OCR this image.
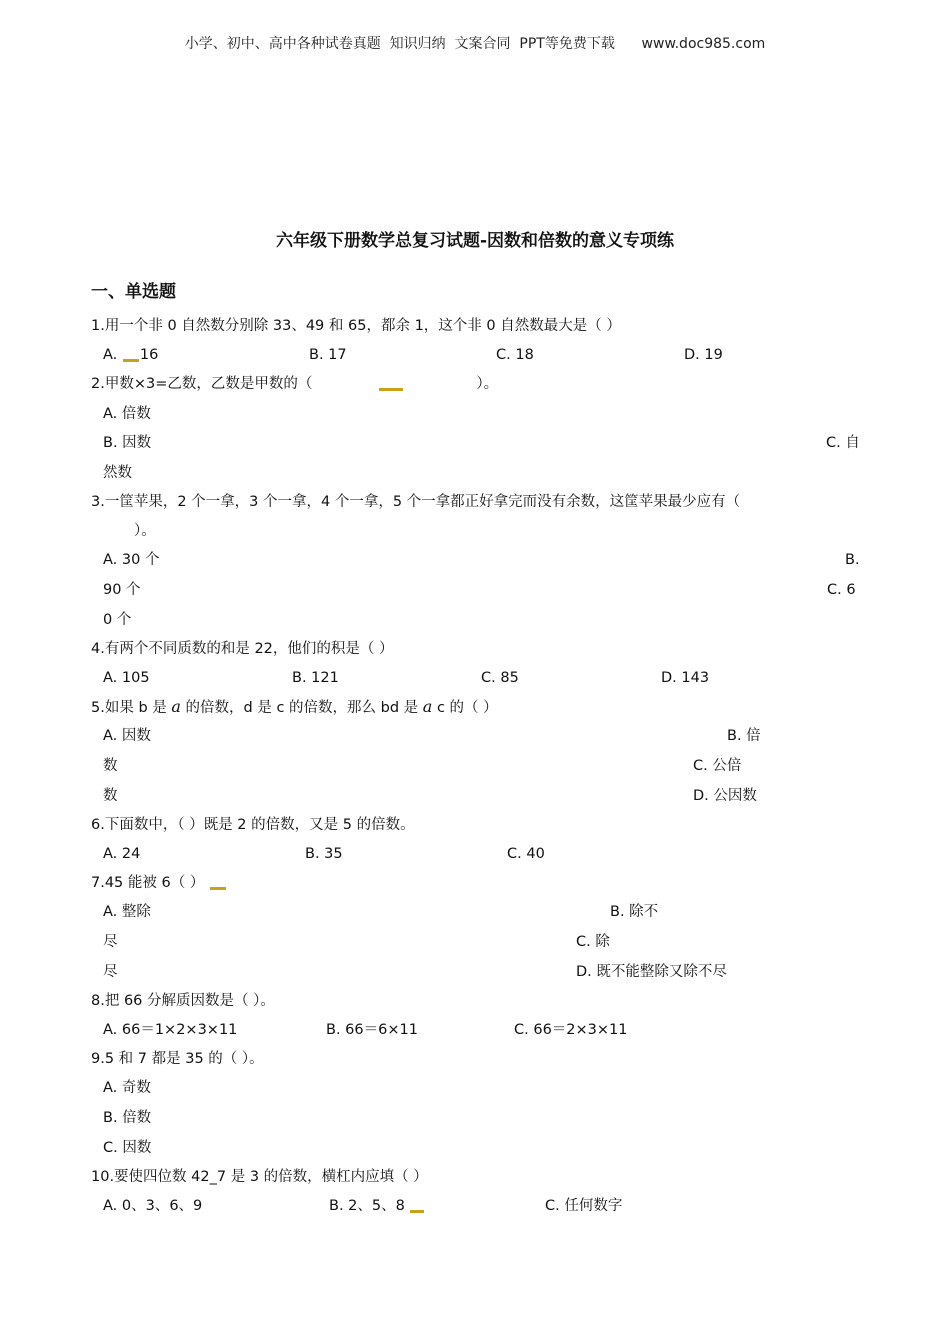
小学、初中、高中各种试卷真题  知识归纳  文案合同  PPT等免费下载      www.doc985.com
六年级下册数学总复习试题-因数和倍数的意义专项练
一、单选题
1.用一个非 0 自然数分别除 33、49 和 65，都余 1，这个非 0 自然数最大是（ ）
A. 16	B. 17	C. 18	D. 19
2.甲数×3=乙数，乙数是甲数的（	）。
A. 倍数
B. 因数	C. 自
然数
3.一筐苹果，2 个一拿，3 个一拿，4 个一拿，5 个一拿都正好拿完而没有余数，这筐苹果最少应有（
）。
A. 30 个	B.
90 个	C. 6
0 个
4.有两个不同质数的和是 22，他们的积是（ ）
A. 105	B. 121	C. 85	D. 143
5.如果 b 是 a 的倍数，d 是 c 的倍数，那么 bd 是 a c 的（ ）
A. 因数	B. 倍
数	C. 公倍
数	D. 公因数
6.下面数中，（ ）既是 2 的倍数，又是 5 的倍数。
A. 24	B. 35	C. 40
7.45 能被 6（ ）
A. 整除	B. 除不
尽	C. 除
尽	D. 既不能整除又除不尽
8.把 66 分解质因数是（ ）。
A. 66＝1×2×3×11	B. 66＝6×11	C. 66＝2×3×11
9.5 和 7 都是 35 的（ ）。
A. 奇数
B. 倍数
C. 因数
10.要使四位数 42_7 是 3 的倍数，横杠内应填（ ）
A. 0、3、6、9	B. 2、5、8	C. 任何数字
